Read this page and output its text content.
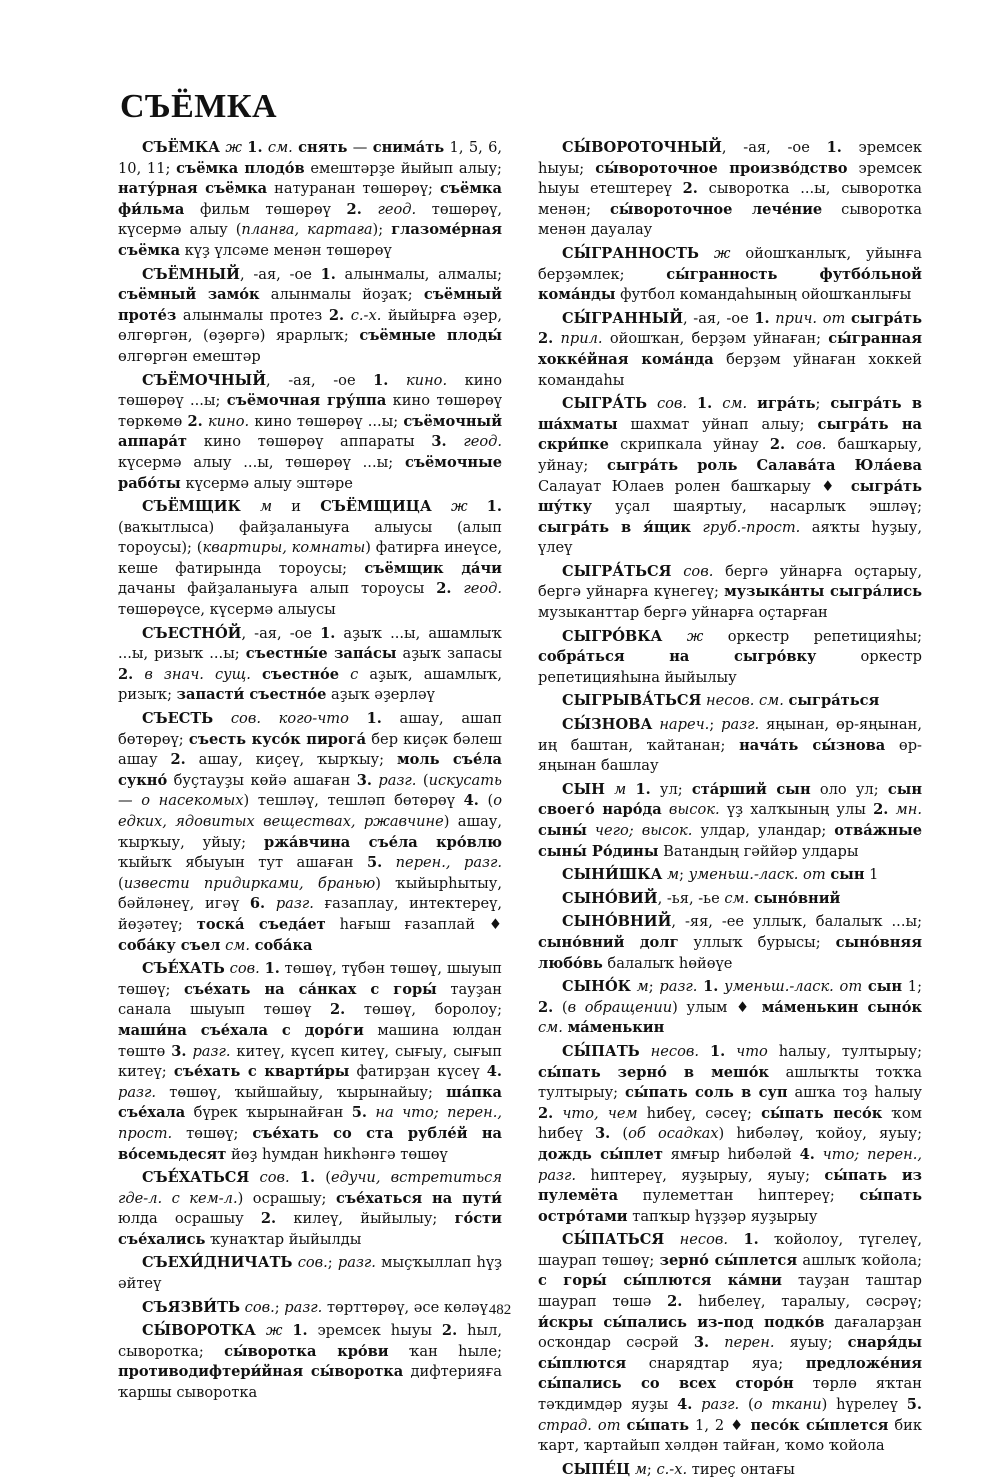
СЪЁМКА

СЪЁМКА ж 1. см. снять — снима́ть 1, 5, 6, 10, 11; съёмка плодо́в емештәрҙе йыйып алыу; нату́рная съёмка натуранан төшөрөү; съёмка фи́льма фильм төшөрөү 2. геод. төшөрөү, күсермә алыу (планға, картаға); глазоме́рная съёмка күҙ үлсәме менән төшөрөү

СЪЁМНЫЙ, -ая, -ое 1. алынмалы, алмалы; съёмный замо́к алынмалы йоҙаҡ; съёмный проте́з алынмалы протез 2. с.-х. йыйырға әҙер, өлгөргән, (өҙөргә) ярарлыҡ; съёмные плоды́ өлгөргән емештәр

СЪЁМОЧНЫЙ, -ая, -ое 1. кино. кино төшөрөү ...ы; съёмочная гру́ппа кино төшөрөү төркөмө 2. кино. кино төшөрөү ...ы; съёмочный аппара́т кино төшөрөү аппараты 3. геод. күсермә алыу ...ы, төшөрөү ...ы; съёмочные рабо́ты күсермә алыу эштәре

СЪЁМЩИК м и СЪЁМЩИЦА ж 1. (ваҡытлыса) файҙаланыуға алыусы (алып тороусы); (квартиры, комнаты) фатирға инеүсе, кеше фатирында тороусы; съёмщик да́чи дачаны файҙаланыуға алып тороусы 2. геод. төшөрөүсе, күсермә алыусы

СЪЕСТНО́Й, -ая, -ое 1. аҙыҡ ...ы, ашамлыҡ ...ы, ризыҡ ...ы; съестны́е запа́сы аҙыҡ запасы 2. в знач. сущ. съестно́е с аҙыҡ, ашамлыҡ, ризыҡ; запасти́ съестно́е аҙыҡ әҙерләү

СЪЕСТЬ сов. кого-что 1. ашау, ашап бөтөрөү; съесть кусо́к пирога́ бер киҫәк бәлеш ашау 2. ашау, киҫеү, ҡырҡыу; моль съе́ла сукно́ буҫтауҙы көйә ашаған 3. разг. (искусать — о насекомых) тешләү, тешләп бөтөрөү 4. (о едких, ядовитых веществах, ржавчине) ашау, ҡырҡыу, уйыу; ржа́вчина съе́ла кро́влю ҡыйыҡ ябыуын тут ашаған 5. перен., разг. (извести придирками, бранью) ҡыйырһытыу, бәйләнеү, игәү 6. разг. ғазаплау, интектереү, йөҙәтеү; тоска́ съеда́ет һағыш ғазаплай ♦ соба́ку съел см. соба́ка

СЪЕ́ХАТЬ сов. 1. төшөү, түбән төшөү, шыуып төшөү; съе́хать на са́нках с горы́ тауҙан санала шыуып төшөү 2. төшөү, боролоу; маши́на съе́хала с доро́ги машина юлдан төштө 3. разг. китеү, күсеп китеү, сығыу, сығып китеү; съе́хать с кварти́ры фатирҙан күсеү 4. разг. төшөү, ҡыйшайыу, ҡырынайыу; ша́пка съе́хала бүрек ҡырынайған 5. на что; перен., прост. төшөү; съе́хать со ста рубле́й на во́семьдесят йөҙ һумдан һикһәнгә төшөү

СЪЕ́ХАТЬСЯ сов. 1. (едучи, встретиться где-л. с кем-л.) осрашыу; съе́хаться на пути́ юлда осрашыу 2. килеү, йыйылыу; го́сти съе́хались ҡунаҡтар йыйылды

СЪЕХИ́ДНИЧАТЬ сов.; разг. мыҫҡыллап һүҙ әйтеү

СЪЯЗВИ́ТЬ сов.; разг. төрттөрөү, әсе көләү

СЫ́ВОРОТКА ж 1. эремсек һыуы 2. һыл, сыворотка; сы́воротка кро́ви ҡан һыле; противодифтери́йная сы́воротка дифтерияға ҡаршы сыворотка

СЫ́ВОРОТОЧНЫЙ, -ая, -ое 1. эремсек һыуы; сы́вороточное произво́дство эремсек һыуы етештереү 2. сыворотка ...ы, сыворотка менән; сы́вороточное лече́ние сыворотка менән дауалау

СЫ́ГРАННОСТЬ ж ойошҡанлыҡ, уйынға берҙәмлек; сы́гранность футбо́льной кома́нды футбол командаһының ойошҡанлығы

СЫ́ГРАННЫЙ, -ая, -ое 1. прич. от сыгра́ть 2. прил. ойошҡан, берҙәм уйнаған; сы́гранная хокке́йная кома́нда берҙәм уйнаған хоккей командаһы

СЫГРА́ТЬ сов. 1. см. игра́ть; сыгра́ть в ша́хматы шахмат уйнап алыу; сыгра́ть на скри́пке скрипкала уйнау 2. сов. башҡарыу, уйнау; сыгра́ть роль Салава́та Юла́ева Салауат Юлаев ролен башҡарыу ♦ сыгра́ть шу́тку уҫал шаяртыу, насарлыҡ эшләү; сыгра́ть в я́щик груб.-прост. аяҡты һуҙыу, үлеү

СЫГРА́ТЬСЯ сов. бергә уйнарға оҫтарыу, бергә уйнарға күнегеү; музыка́нты сыгра́лись музыканттар бергә уйнарға оҫтарған

СЫГРО́ВКА ж оркестр репетицияһы; собра́ться на сыгро́вку оркестр репетицияһына йыйылыу

СЫГРЫВА́ТЬСЯ несов. см. сыгра́ться

СЫ́ЗНОВА нареч.; разг. яңынан, өр-яңынан, иң баштан, ҡайтанан; нача́ть сы́знова өр-яңынан башлау

СЫН м 1. ул; ста́рший сын оло ул; сын своего́ наро́да высок. үҙ халҡының улы 2. мн. сыны́ чего; высок. улдар, уландар; отва́жные сыны́ Ро́дины Ватандың гәййәр улдары

СЫНИ́ШКА м; уменьш.-ласк. от сын 1

СЫНО́ВИЙ, -ья, -ье см. сыно́вний

СЫНО́ВНИЙ, -яя, -ее уллыҡ, балалыҡ ...ы; сыно́вний долг уллыҡ бурысы; сыно́вняя любо́вь балалыҡ һөйөүе

СЫНО́К м; разг. 1. уменьш.-ласк. от сын 1; 2. (в обращении) улым ♦ ма́менькин сыно́к см. ма́менькин

СЫ́ПАТЬ несов. 1. что һалыу, тултырыу; сы́пать зерно́ в мешо́к ашлыҡты тоҡҡа тултырыу; сы́пать соль в суп ашҡа тоҙ һалыу 2. что, чем һибеү, сәсеү; сы́пать песо́к ҡом һибеү 3. (об осадках) һибәләү, ҡойоу, яуыу; дождь сы́плет ямғыр һибәләй 4. что; перен., разг. һиптереү, яуҙырыу, яуыу; сы́пать из пулемёта пулеметтан һиптереү; сы́пать остро́тами тапҡыр һүҙҙәр яуҙырыу

СЫ́ПАТЬСЯ несов. 1. ҡойолоу, түгелеү, шаурап төшөү; зерно́ сы́плется ашлыҡ ҡойола; с горы́ сы́плются ка́мни тауҙан таштар шаурап төшә 2. һибелеү, таралыу, сәсрәү; и́скры сы́пались из-под подко́в дағаларҙан осҡондар сәсрәй 3. перен. яуыу; снаря́ды сы́плются снарядтар яуа; предложе́ния сы́пались со всех сторо́н төрлө яҡтан тәҡдимдәр яуҙы 4. разг. (о ткани) һүрелеү 5. страд. от сы́пать 1, 2 ♦ песо́к сы́плется бик ҡарт, ҡартайып хәлдән тайған, ҡомо ҡойола

СЫПЕ́Ц м; с.-х. тиреҫ онтағы

482
